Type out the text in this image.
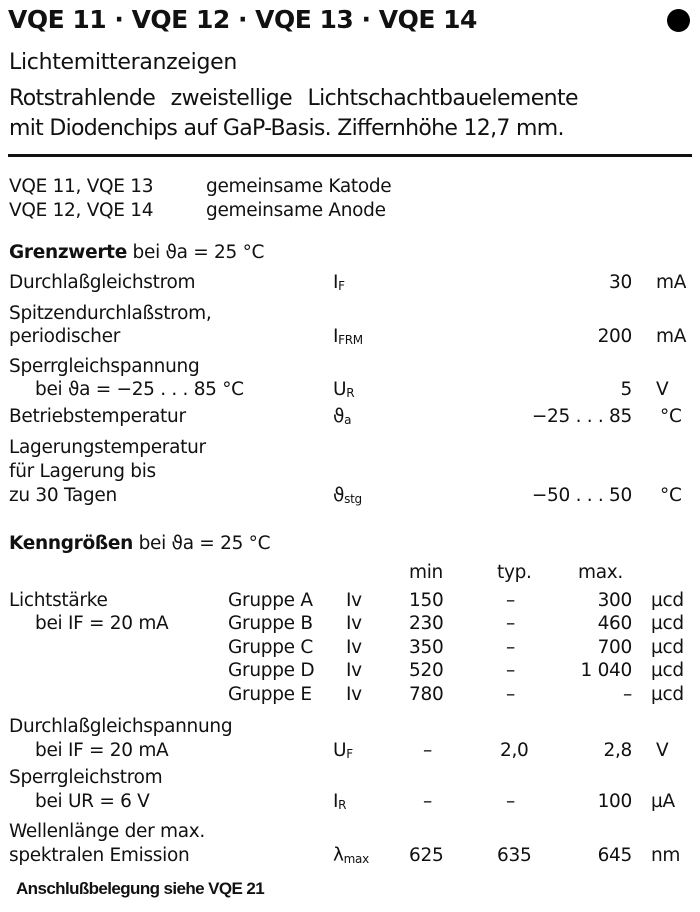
VQE 11 · VQE 12 · VQE 13 · VQE 14
Lichtemitteranzeigen
Rotstrahlende zweistellige Lichtschachtbauelemente
mit Diodenchips auf GaP-Basis. Ziffernhöhe 12,7 mm.
VQE 11, VQE 13	gemeinsame Katode
VQE 12, VQE 14	gemeinsame Anode
Grenzwerte bei ϑa = 25 °C
Durchlaßgleichstrom	$I_F$	30 mA
Spitzendurchlaßstrom,
periodischer	$I_{FRM}$	200 mA
Sperrgleichspannung
bei ϑa = −25 . . . 85 °C	$U_R$	5 V
Betriebstemperatur	$ϑ_a$	−25 . . . 85 °C
Lagerungstemperatur
für Lagerung bis
zu 30 Tagen	$ϑ_{stg}$	−50 . . . 50 °C
Kenngrößen bei ϑa = 25 °C
min	typ.	max.
Lichtstärke
bei IF = 20 mA
Gruppe A Iv	150	–	300 µcd
Gruppe B Iv	230	–	460 µcd
Gruppe C Iv	350	–	700 µcd
Gruppe D Iv	520	–	1 040 µcd
Gruppe E Iv	780	–	– µcd
Durchlaßgleichspannung
bei IF = 20 mA	$U_F$	–	2,0	2,8 V
Sperrgleichstrom
bei UR = 6 V	$I_R$	–	–	100 µA
Wellenlänge der max.
spektralen Emission	$\lambda_{max}$ 625	635	645 nm
Anschlußbelegung siehe VQE 21
